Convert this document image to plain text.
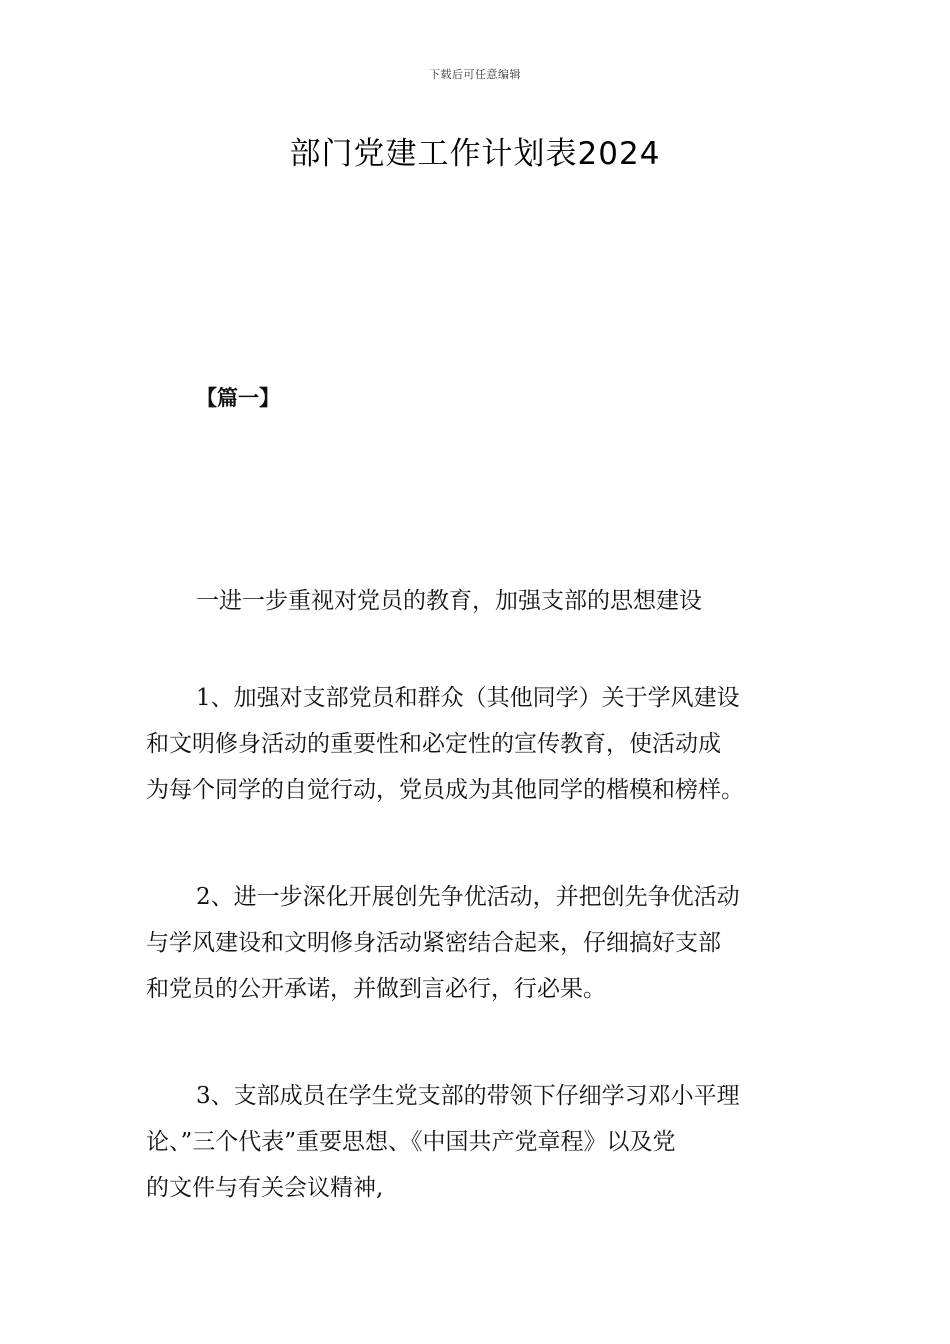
下载后可任意编辑
部门党建工作计划表2024
【篇一】
一进一步重视对党员的教育，加强支部的思想建设
1、加强对支部党员和群众（其他同学）关于学风建设
和文明修身活动的重要性和必定性的宣传教育，使活动成
为每个同学的自觉行动，党员成为其他同学的楷模和榜样。
2、进一步深化开展创先争优活动，并把创先争优活动
与学风建设和文明修身活动紧密结合起来，仔细搞好支部
和党员的公开承诺，并做到言必行，行必果。
3、支部成员在学生党支部的带领下仔细学习邓小平理
论、”三个代表”重要思想、《中国共产党章程》以及党
的文件与有关会议精神,
